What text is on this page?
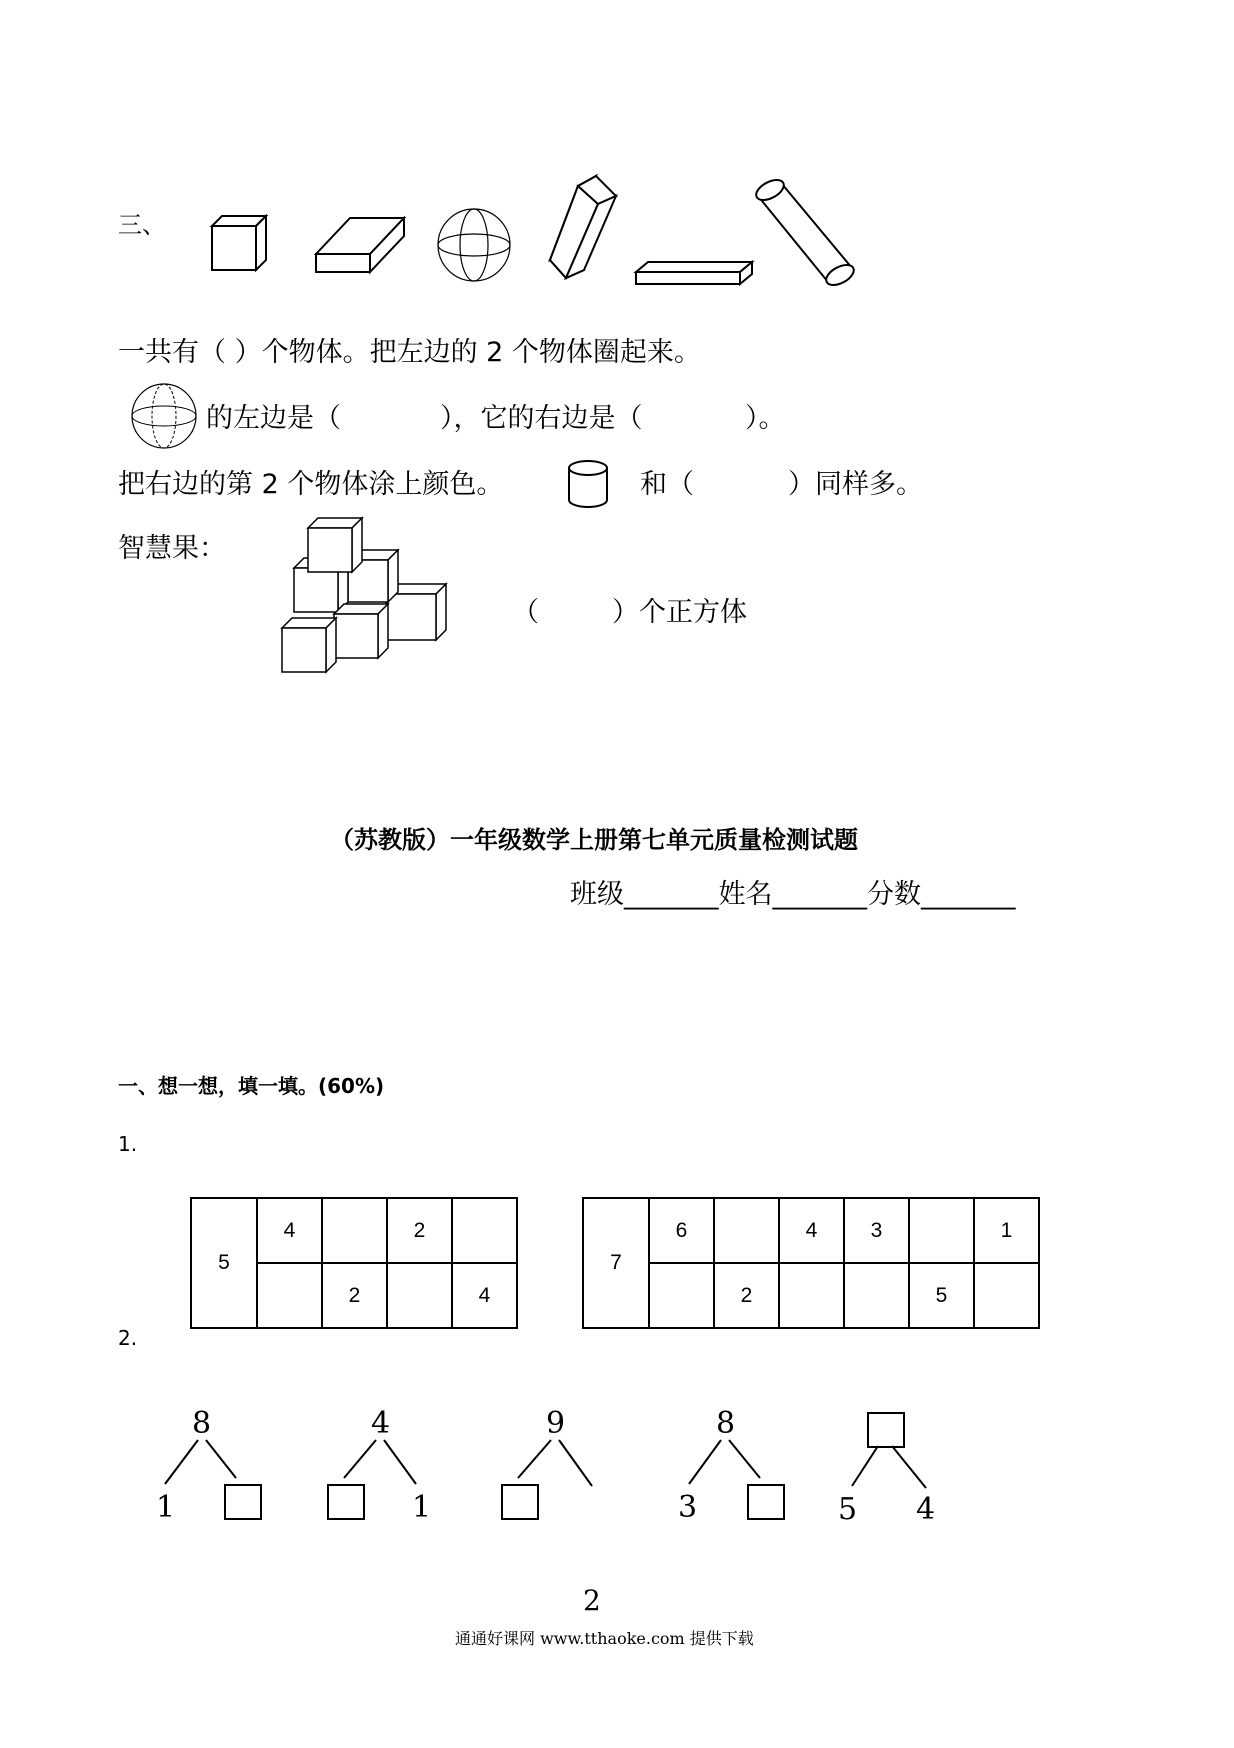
三、
一共有（ ）个物体。把左边的 2 个物体圈起来。
的左边是（	），它的右边是（	）。
把右边的第 2 个物体涂上颜色。	和（	）同样多。
智慧果：
（	）个正方体
（苏教版）一年级数学上册第七单元质量检测试题
班级_______姓名_______分数_______
一、想一想，填一填。(60%)
1.
5	4		2	
		2		4
7	6		4	3		1
		2			5	
2.
8
1
4
1
9	8
3	5 4
2
通通好课网 www.tthaoke.com 提供下载
